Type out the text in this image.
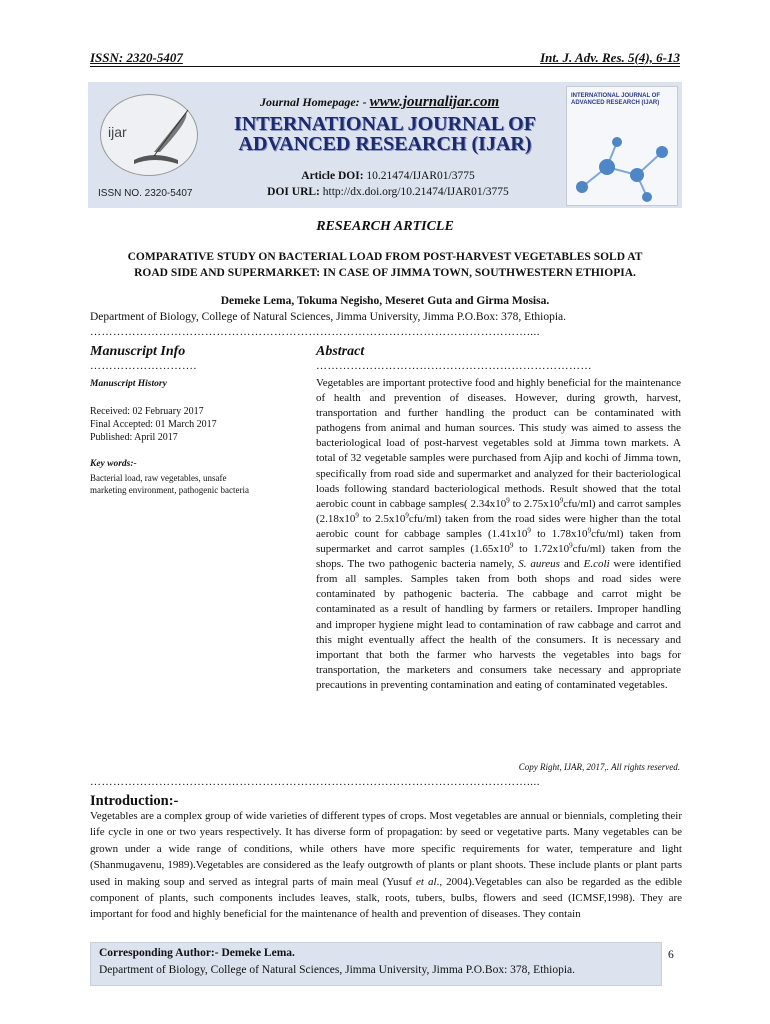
ISSN: 2320-5407	Int. J. Adv. Res. 5(4), 6-13
ijar
ISSN NO. 2320-5407
Journal Homepage: - www.journalijar.com
INTERNATIONAL JOURNAL OF
ADVANCED RESEARCH (IJAR)
Article DOI: 10.21474/IJAR01/3775
DOI URL: http://dx.doi.org/10.21474/IJAR01/3775
INTERNATIONAL JOURNAL OF ADVANCED RESEARCH (IJAR)
RESEARCH ARTICLE
COMPARATIVE STUDY ON BACTERIAL LOAD FROM POST-HARVEST VEGETABLES SOLD AT
ROAD SIDE AND SUPERMARKET: IN CASE OF JIMMA TOWN, SOUTHWESTERN ETHIOPIA.
Demeke Lema, Tokuma Negisho, Meseret Guta and Girma Mosisa.
Department of Biology, College of Natural Sciences, Jimma University, Jimma P.O.Box: 378, Ethiopia.
……………………………………………………………………………………………………....
Manuscript Info	Abstract
……………………….	………………………………………………………………
Manuscript History
Received: 02 February 2017
Final Accepted: 01 March 2017
Published: April 2017
Key words:-
Bacterial load, raw vegetables, unsafe marketing environment, pathogenic bacteria
Vegetables are important protective food and highly beneficial for the maintenance of health and prevention of diseases. However, during growth, harvest, transportation and further handling the product can be contaminated with pathogens from animal and human sources. This study was aimed to assess the bacteriological load of post-harvest vegetables sold at Jimma town markets. A total of 32 vegetable samples were purchased from Ajip and kochi of Jimma town, specifically from road side and supermarket and analyzed for their bacteriological loads following standard bacteriological methods. Result showed that the total aerobic count in cabbage samples( $2.34x10^9$ to $2.75x10^9cfu/ml$) and carrot samples ($2.18x10^9$ to $2.5x10^9cfu/ml$) taken from the road sides were higher than the total aerobic count for cabbage samples ($1.41x10^9$ to $1.78x10^9cfu/ml$) taken from supermarket and carrot samples ($1.65x10^9$ to $1.72x10^9cfu/ml$) taken from the shops. The two pathogenic bacteria namely, S. aureus and E.coli were identified from all samples. Samples taken from both shops and road sides were contaminated by pathogenic bacteria. The cabbage and carrot might be contaminated as a result of handling by farmers or retailers. Improper handling and improper hygiene might lead to contamination of raw cabbage and carrot and this might eventually affect the health of the consumers. It is necessary and important that both the farmer who harvests the vegetables into bags for transportation, the marketers and consumers take necessary and appropriate precautions in preventing contamination and eating of contaminated vegetables.
Copy Right, IJAR, 2017,. All rights reserved.
……………………………………………………………………………………………………....
Introduction:-
Vegetables are a complex group of wide varieties of different types of crops. Most vegetables are annual or biennials, completing their life cycle in one or two years respectively. It has diverse form of propagation: by seed or vegetative parts. Many vegetables can be grown under a wide range of conditions, while others have more specific requirements for water, temperature and light (Shanmugavenu, 1989).Vegetables are considered as the leafy outgrowth of plants or plant shoots. These include plants or plant parts used in making soup and served as integral parts of main meal (Yusuf et al., 2004).Vegetables can also be regarded as the edible component of plants, such components includes leaves, stalk, roots, tubers, bulbs, flowers and seed (ICMSF,1998). They are important for food and highly beneficial for the maintenance of health and prevention of diseases. They contain
Corresponding Author:- Demeke Lema.
Department of Biology, College of Natural Sciences, Jimma University, Jimma P.O.Box: 378, Ethiopia.
6
